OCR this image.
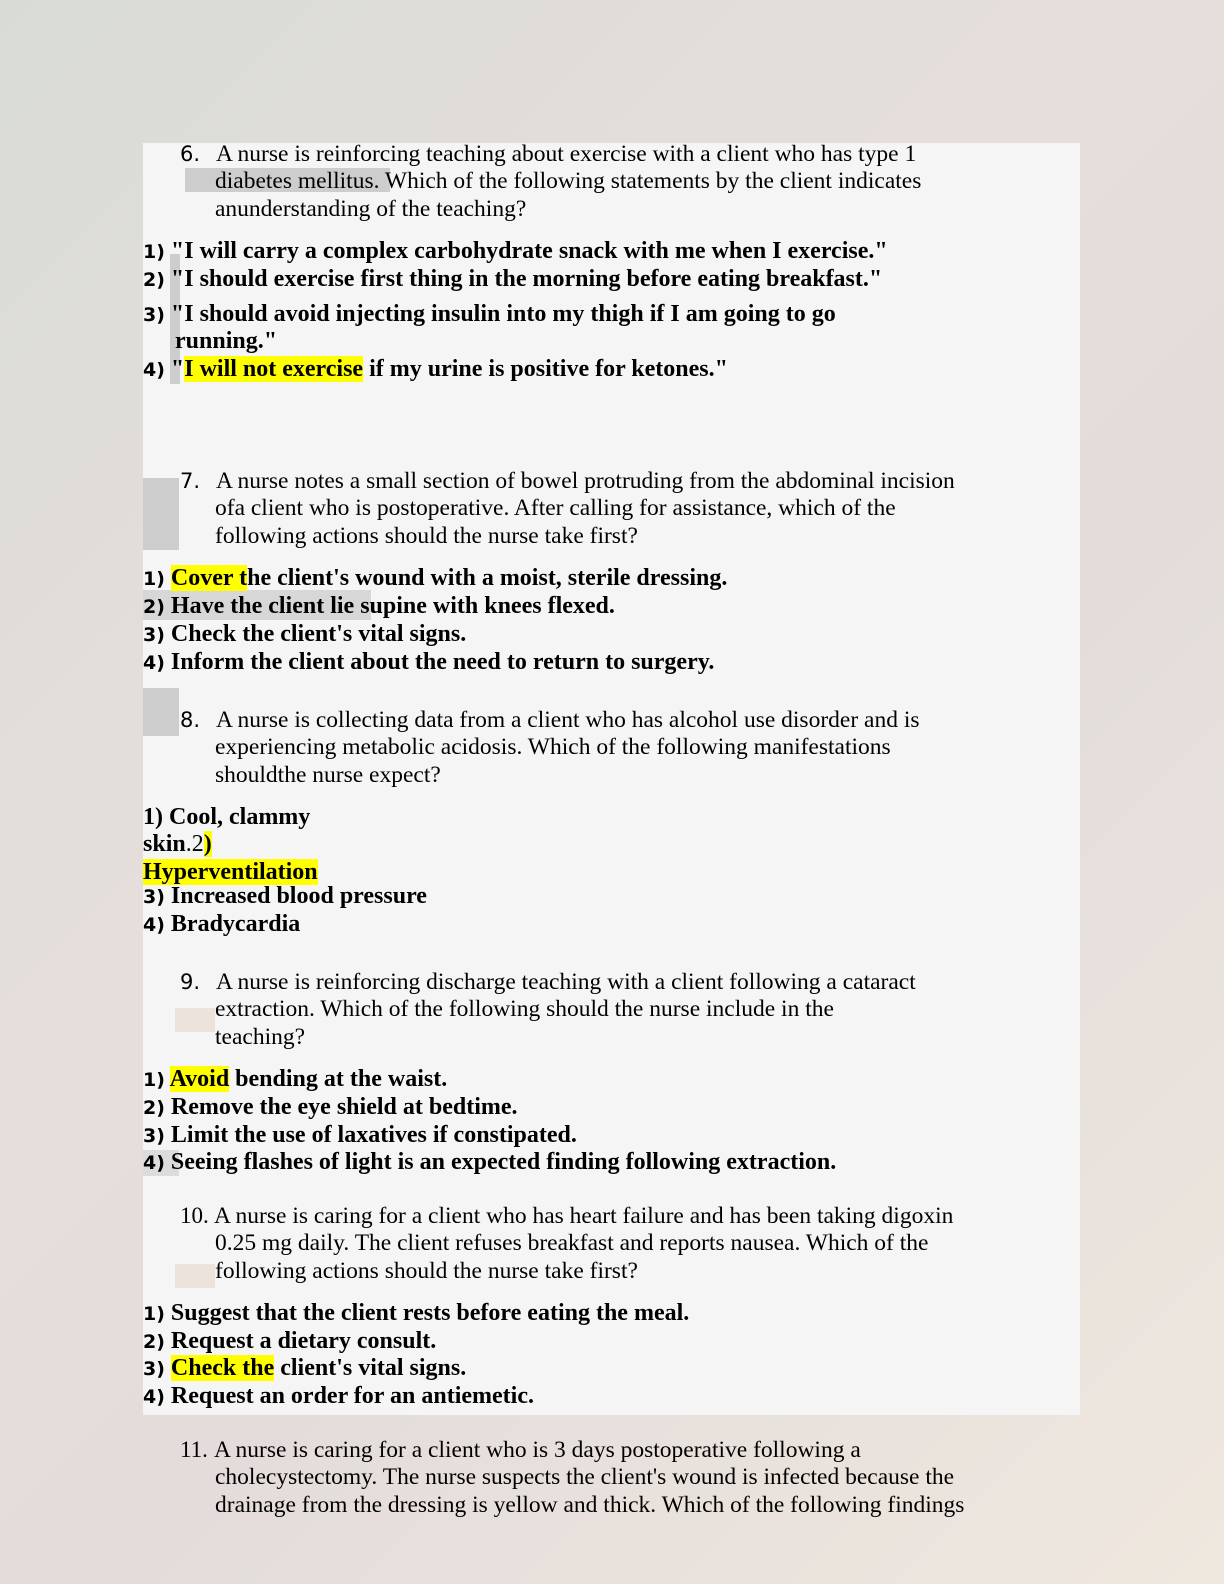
6. A nurse is reinforcing teaching about exercise with a client who has type 1
diabetes mellitus. Which of the following statements by the client indicates
anunderstanding of the teaching?
1) "I will carry a complex carbohydrate snack with me when I exercise."
2) "I should exercise first thing in the morning before eating breakfast."
3) "I should avoid injecting insulin into my thigh if I am going to go
running."
4) "I will not exercise if my urine is positive for ketones."
7. A nurse notes a small section of bowel protruding from the abdominal incision
ofa client who is postoperative. After calling for assistance, which of the
following actions should the nurse take first?
1) Cover the client's wound with a moist, sterile dressing.
2) Have the client lie supine with knees flexed.
3) Check the client's vital signs.
4) Inform the client about the need to return to surgery.
8. A nurse is collecting data from a client who has alcohol use disorder and is
experiencing metabolic acidosis. Which of the following manifestations
shouldthe nurse expect?
1) Cool, clammy
skin.2)
Hyperventilation
3) Increased blood pressure
4) Bradycardia
9. A nurse is reinforcing discharge teaching with a client following a cataract
extraction. Which of the following should the nurse include in the
teaching?
1) Avoid bending at the waist.
2) Remove the eye shield at bedtime.
3) Limit the use of laxatives if constipated.
4) Seeing flashes of light is an expected finding following extraction.
10. A nurse is caring for a client who has heart failure and has been taking digoxin
0.25 mg daily. The client refuses breakfast and reports nausea. Which of the
following actions should the nurse take first?
1) Suggest that the client rests before eating the meal.
2) Request a dietary consult.
3) Check the client's vital signs.
4) Request an order for an antiemetic.
11. A nurse is caring for a client who is 3 days postoperative following a
cholecystectomy. The nurse suspects the client's wound is infected because the
drainage from the dressing is yellow and thick. Which of the following findings
